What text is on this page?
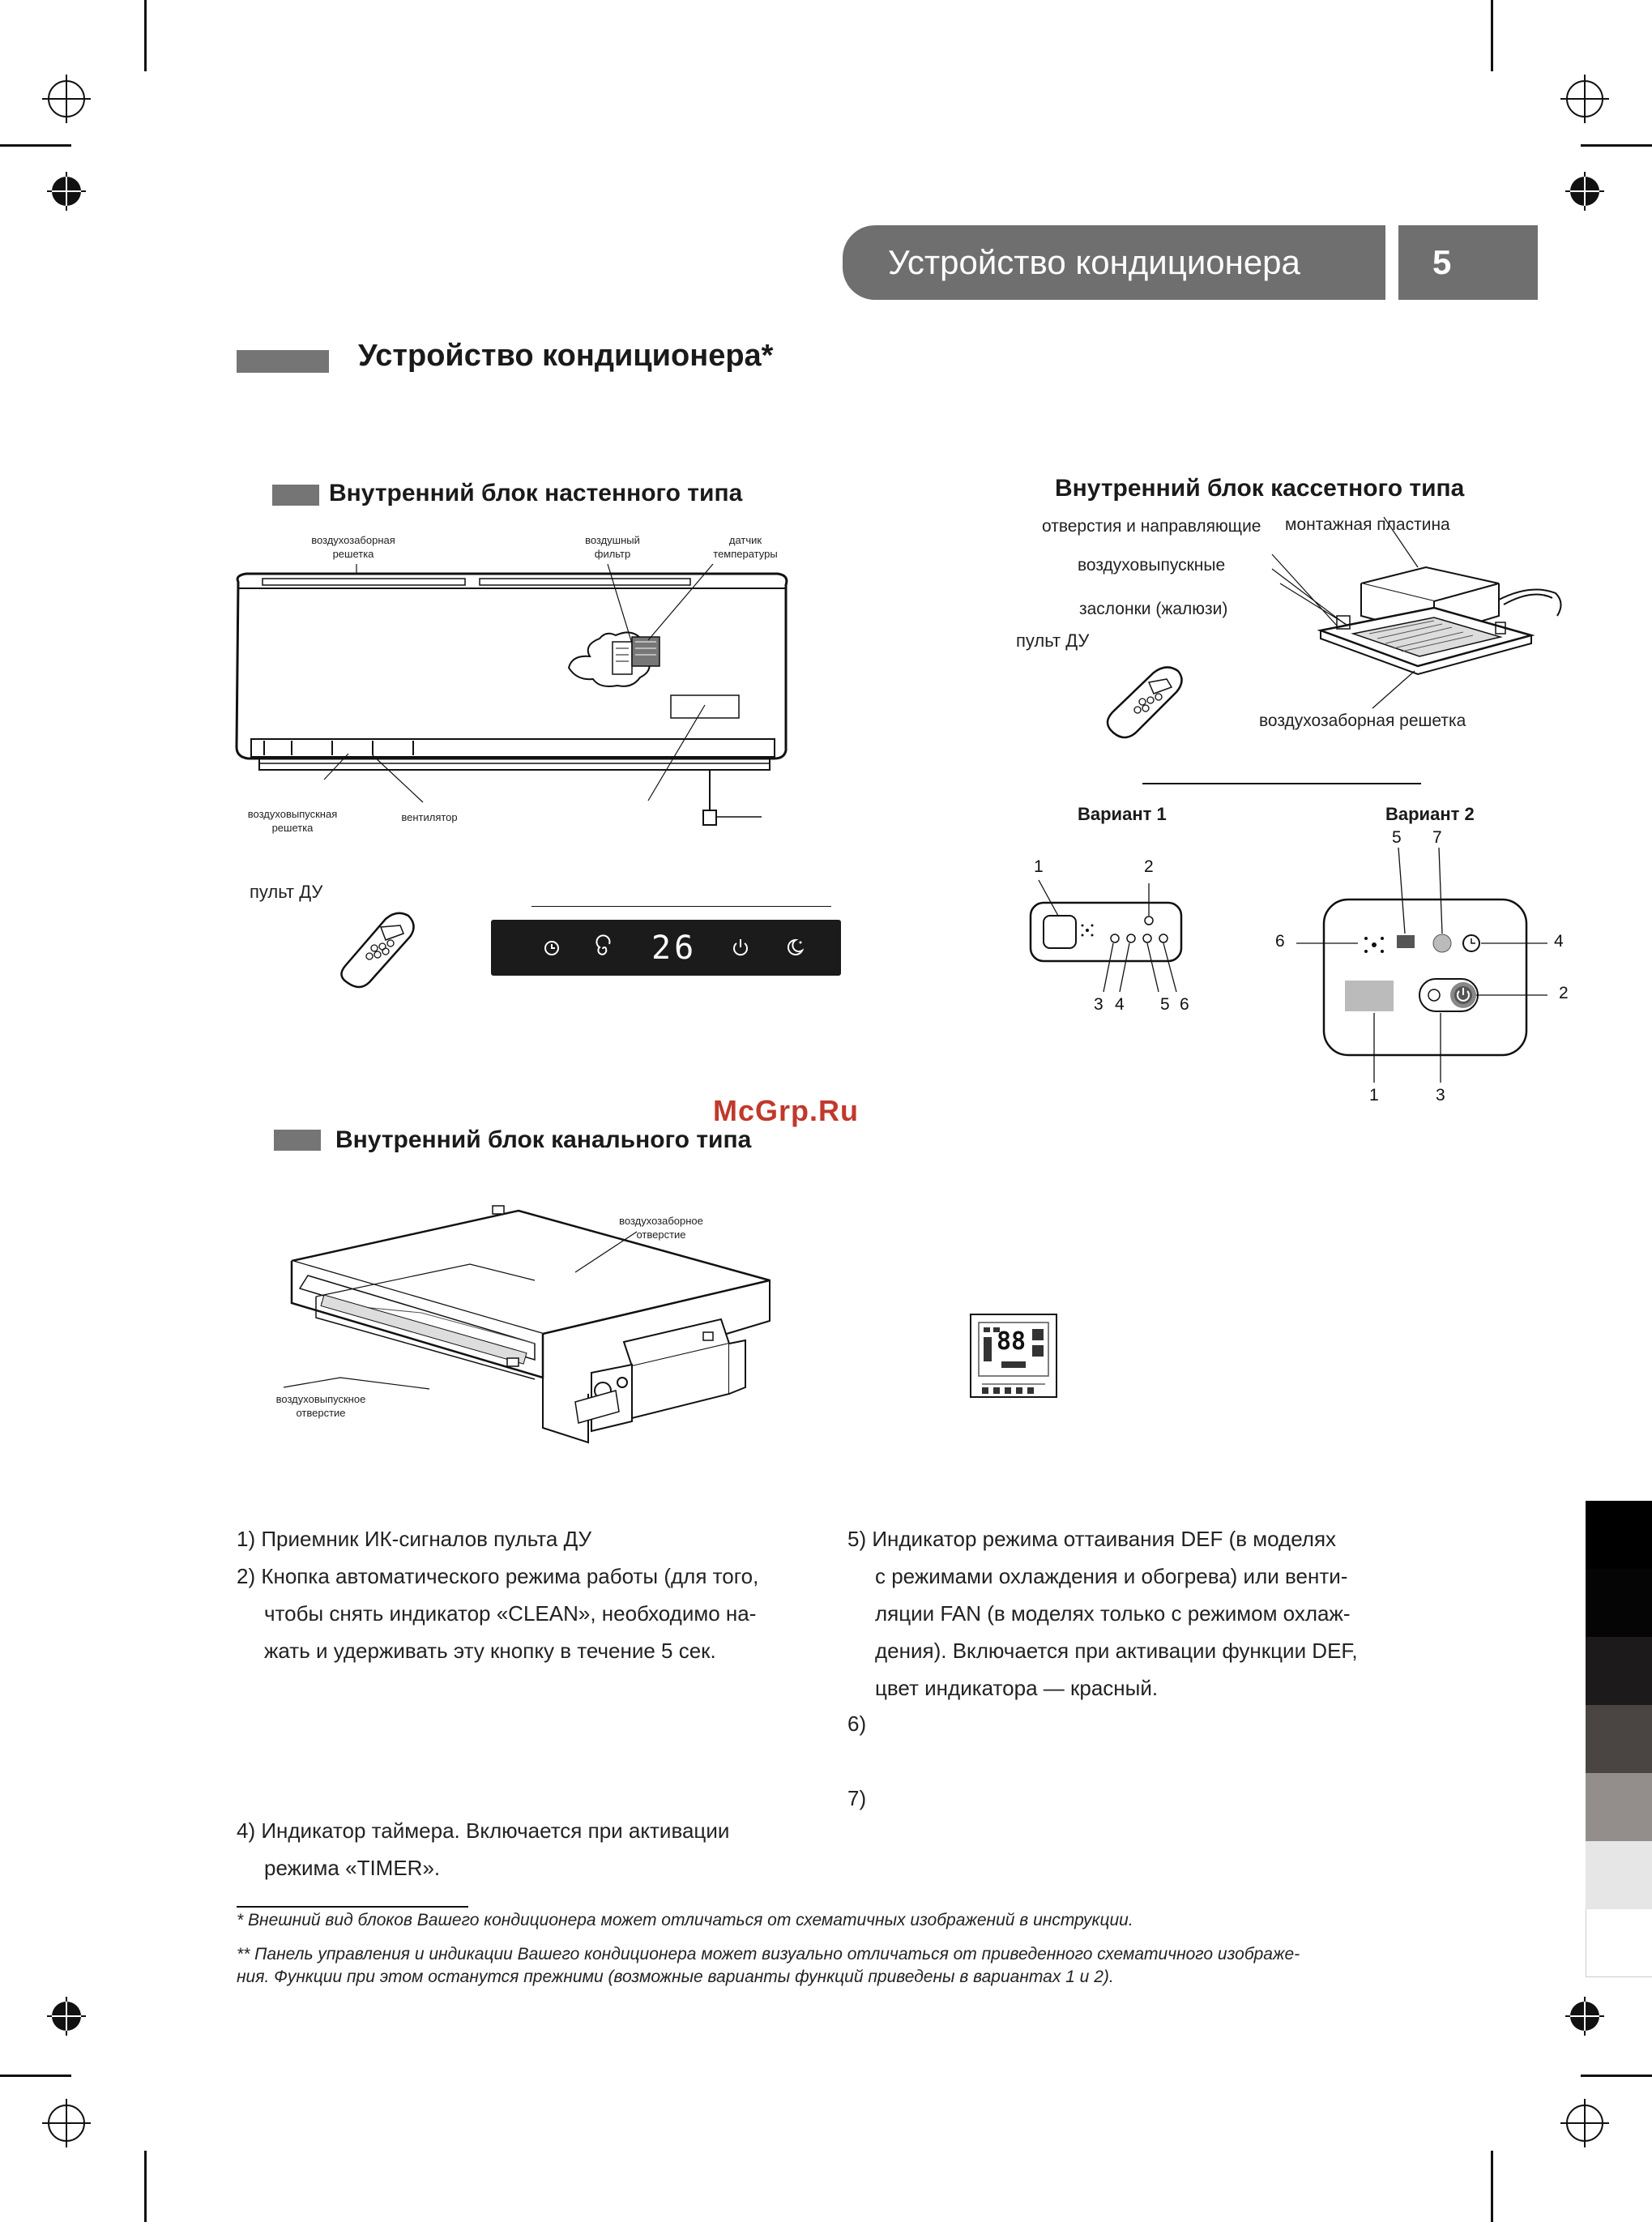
Устройство кондиционера	5
Устройство кондиционера*
Внутренний блок настенного типа
воздухозаборная
решетка
воздушный
фильтр
датчик
температуры
воздуховыпускная
решетка
вентилятор
пульт ДУ
26
Внутренний блок кассетного типа
отверстия и направляющие монтажная пластина
воздуховыпускные
заслонки (жалюзи)
пульт ДУ
воздухозаборная решетка
Вариант 1	Вариант 2
1	2
3 4 5 6
5 7
6	4
2
1	3
McGrp.Ru
Внутренний блок канального типа
воздухозаборное
отверстие
воздуховыпускное
отверстие
88
1) Приемник ИК-сигналов пульта ДУ
2) Кнопка автоматического режима работы (для того,
чтобы снять индикатор «CLEAN», необходимо на-
жать и удерживать эту кнопку в течение 5 сек.
4) Индикатор таймера. Включается при активации
режима «TIMER».
5) Индикатор режима оттаивания DEF (в моделях
с режимами охлаждения и обогрева) или венти-
ляции FAN (в моделях только с режимом охлаж-
дения). Включается при активации функции DEF,
цвет индикатора — красный.
6)
7)
* Внешний вид блоков Вашего кондиционера может отличаться от схематичных изображений в инструкции.
** Панель управления и индикации Вашего кондиционера может визуально отличаться от приведенного схематичного изображе-
ния. Функции при этом останутся прежними (возможные варианты функций приведены в вариантах 1 и 2).
